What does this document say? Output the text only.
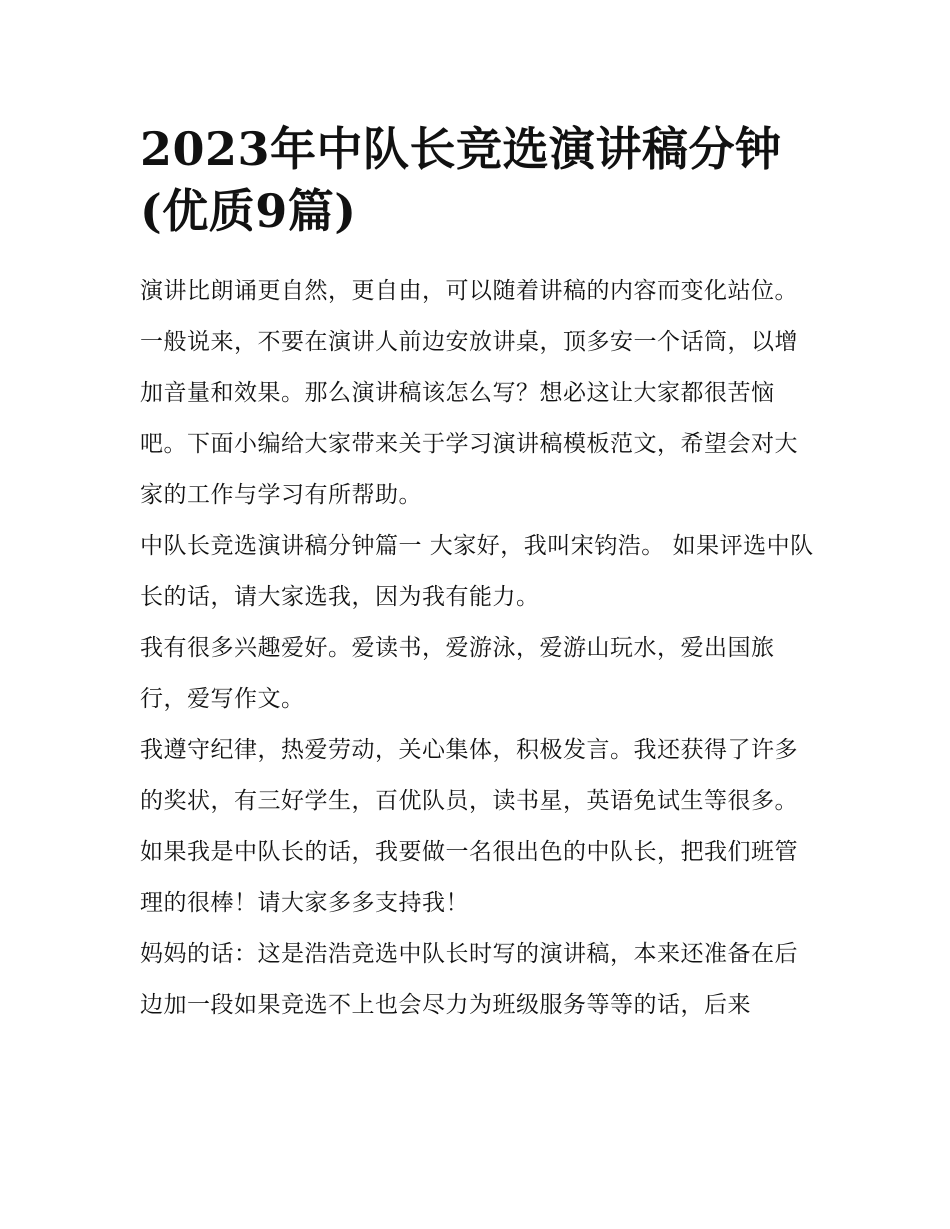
2023年中队长竞选演讲稿分钟(优质9篇)

演讲比朗诵更自然，更自由，可以随着讲稿的内容而变化站位。一般说来，不要在演讲人前边安放讲桌，顶多安一个话筒，以增加音量和效果。那么演讲稿该怎么写？想必这让大家都很苦恼吧。下面小编给大家带来关于学习演讲稿模板范文，希望会对大家的工作与学习有所帮助。

中队长竞选演讲稿分钟篇一 大家好，我叫宋钧浩。 如果评选中队长的话，请大家选我，因为我有能力。

我有很多兴趣爱好。爱读书，爱游泳，爱游山玩水，爱出国旅行，爱写作文。

我遵守纪律，热爱劳动，关心集体，积极发言。我还获得了许多的奖状，有三好学生，百优队员，读书星，英语免试生等很多。

如果我是中队长的话，我要做一名很出色的中队长，把我们班管理的很棒！请大家多多支持我！

妈妈的话：这是浩浩竞选中队长时写的演讲稿，本来还准备在后边加一段如果竞选不上也会尽力为班级服务等等的话，后来
